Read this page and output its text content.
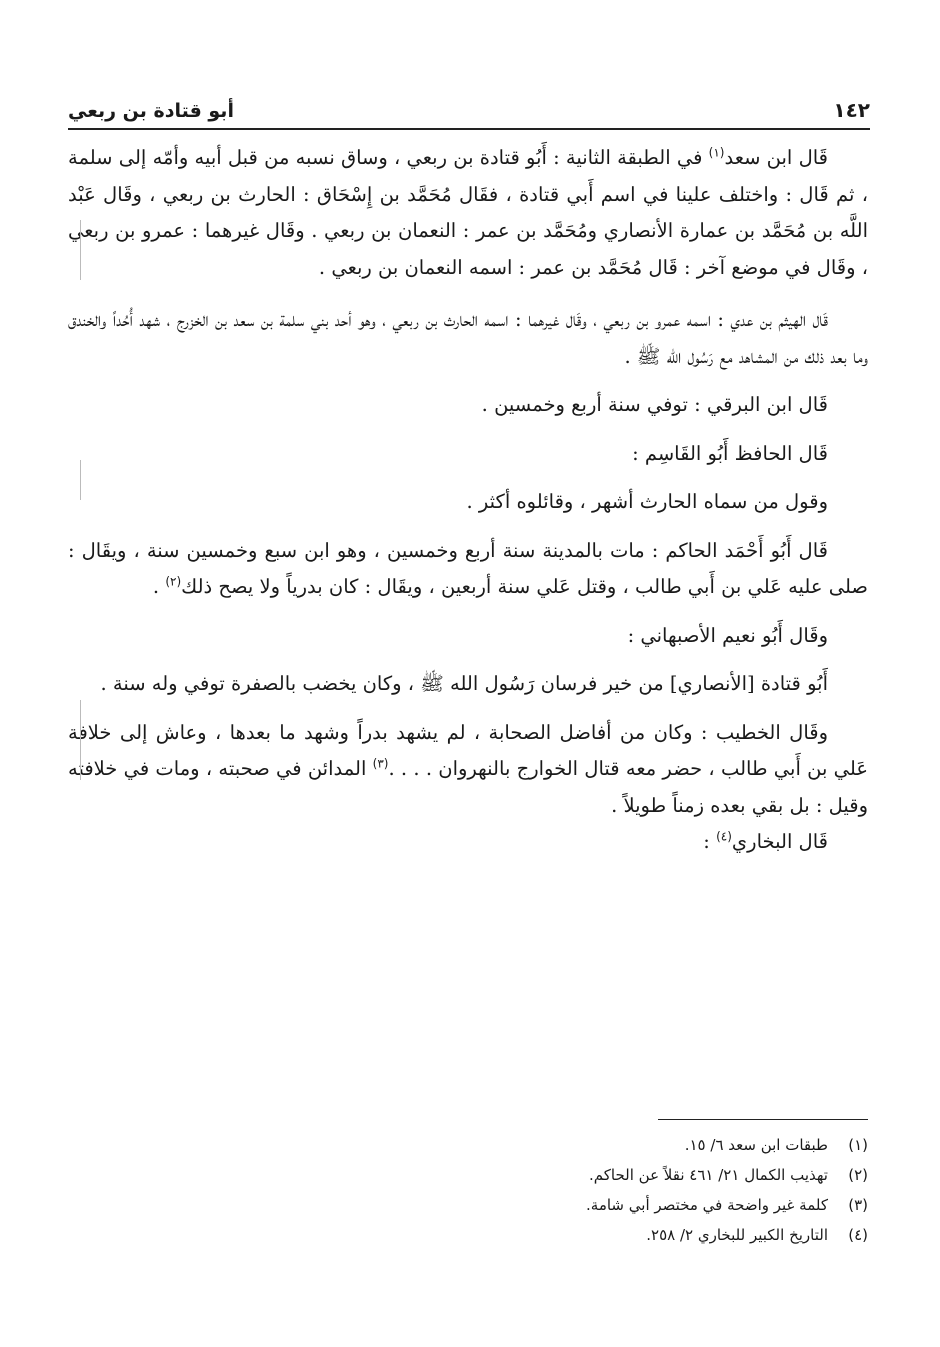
١٤٢
أبو قتادة بن ربعي

قَال ابن سعد$^{(١)}$ في الطبقة الثانية : أَبُو قتادة بن ربعي ، وساق نسبه من قبل أبيه وأمّه إلى سلمة ، ثم قَال : واختلف علينا في اسم أَبي قتادة ، فقَال مُحَمَّد بن إِسْحَاق : الحارث بن ربعي ، وقَال عَبْد اللَّه بن مُحَمَّد بن عمارة الأنصاري ومُحَمَّد بن عمر : النعمان بن ربعي . وقَال غيرهما : عمرو بن ربعي ، وقَال في موضع آخر : قَال مُحَمَّد بن عمر : اسمه النعمان بن ربعي .

قَال الهيثم بن عدي : اسمه عمرو بن ربعي ، وقَال غيرهما : اسمه الحارث بن ربعي ، وهو أحد بني سلمة بن سعد بن الخزرج ، شهد أُحُداً والخندق وما بعد ذلك من المشاهد مع رَسُول الله ﷺ .

قَال ابن البرقي : توفي سنة أربع وخمسين .

قَال الحافظ أَبُو القَاسِم :

وقول من سماه الحارث أشهر ، وقائلوه أكثر .

قَال أَبُو أَحْمَد الحاكم : مات بالمدينة سنة أربع وخمسين ، وهو ابن سبع وخمسين سنة ، ويقَال : صلى عليه عَلي بن أَبي طالب ، وقتل عَلي سنة أربعين ، ويقَال : كان بدرياً ولا يصح ذلك$^{(٢)}$ .

وقَال أَبُو نعيم الأصبهاني :

أَبُو قتادة [الأنصاري] من خير فرسان رَسُول الله ﷺ ، وكان يخضب بالصفرة توفي وله سنة .

وقَال الخطيب : وكان من أفاضل الصحابة ، لم يشهد بدراً وشهد ما بعدها ، وعاش إلى خلافة عَلي بن أَبي طالب ، حضر معه قتال الخوارج بالنهروان . . . .$^{(٣)}$ المدائن في صحبته ، ومات في خلافته وقيل : بل بقي بعده زمناً طويلاً .

قَال البخاري$^{(٤)}$ :

(١)
طبقات ابن سعد ٦/ ١٥.
(٢)
تهذيب الكمال ٢١/ ٤٦١ نقلاً عن الحاكم.
(٣)
كلمة غير واضحة في مختصر أبي شامة.
(٤)
التاريخ الكبير للبخاري ٢/ ٢٥٨.
